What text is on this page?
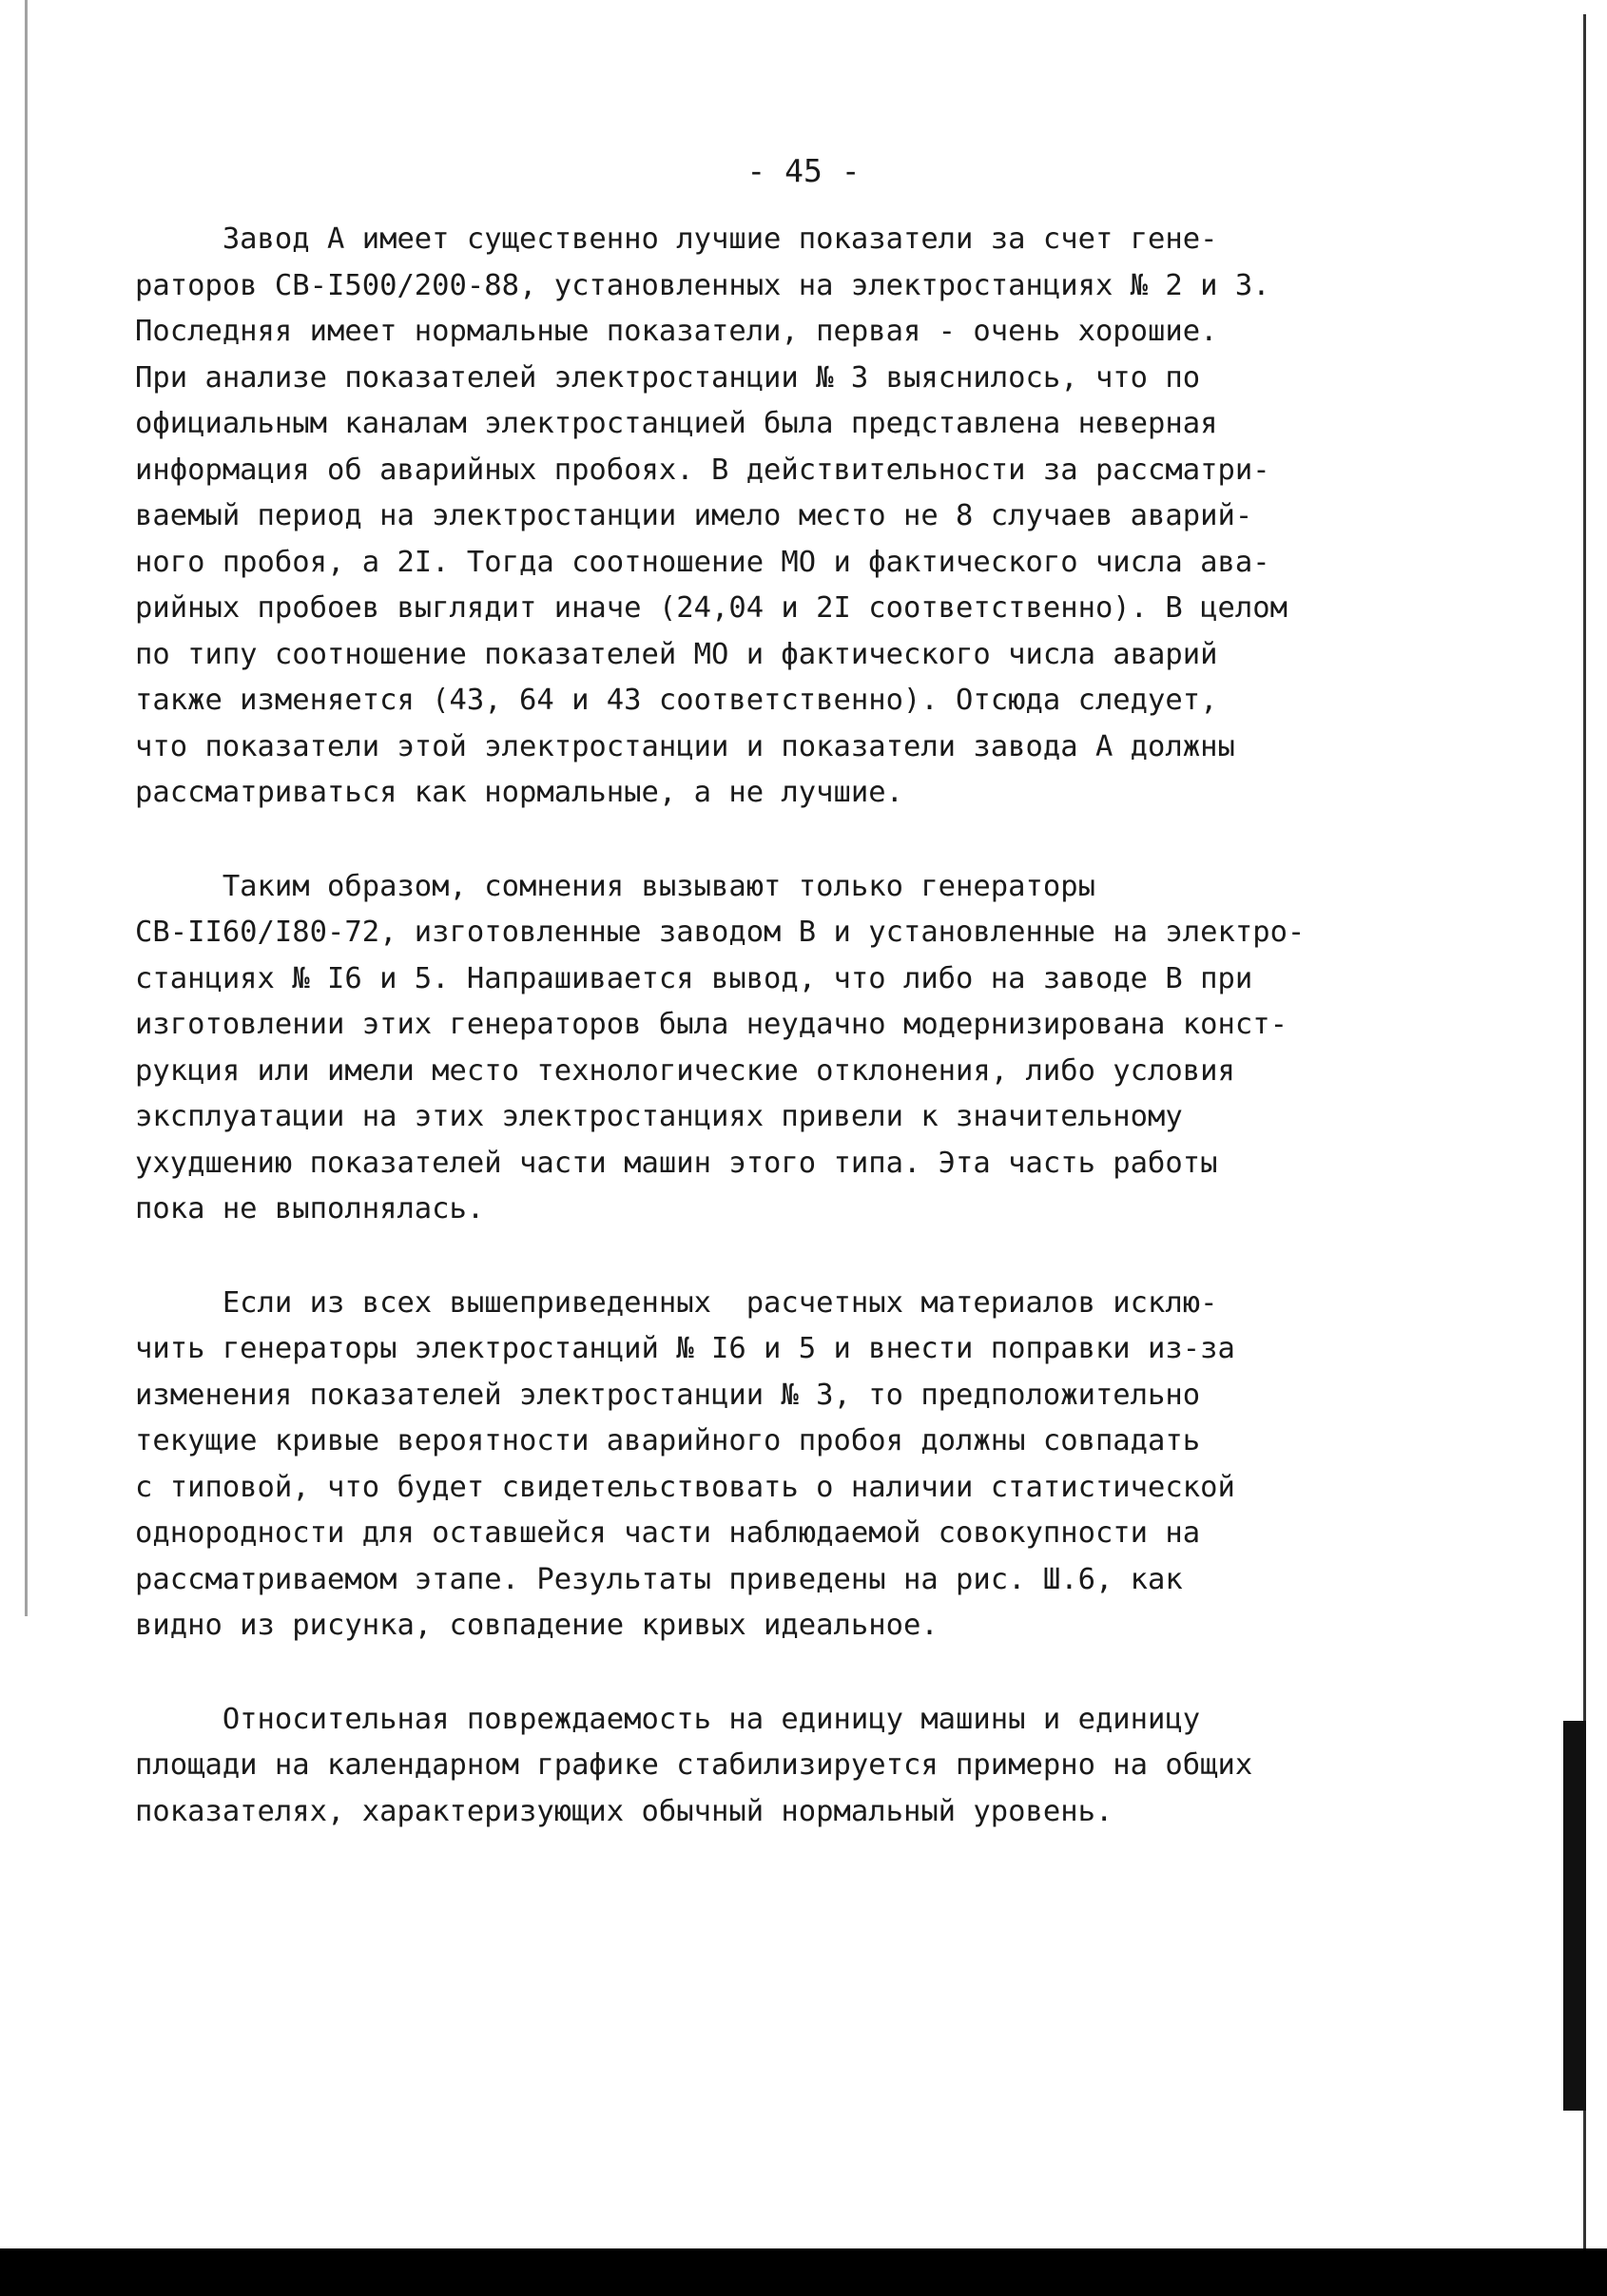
- 45 -

Завод А имеет существенно лучшие показатели за счет гене-

раторов СВ-I500/200-88, установленных на электростанциях № 2 и 3.

Последняя имеет нормальные показатели, первая - очень хорошие.

При анализе показателей электростанции № 3 выяснилось, что по

официальным каналам электростанцией была представлена неверная

информация об аварийных пробоях. В действительности за рассматри-

ваемый период на электростанции имело место не 8 случаев аварий-

ного пробоя, а 2I. Тогда соотношение МО и фактического числа ава-

рийных пробоев выглядит иначе (24,04 и 2I соответственно). В целом

по типу соотношение показателей МО и фактического числа аварий

также изменяется (43, 64 и 43 соответственно). Отсюда следует,

что показатели этой электростанции и показатели завода А должны

рассматриваться как нормальные, а не лучшие.

Таким образом, сомнения вызывают только генераторы

СВ-II60/I80-72, изготовленные заводом В и установленные на электро-

станциях № I6 и 5. Напрашивается вывод, что либо на заводе В при

изготовлении этих генераторов была неудачно модернизирована конст-

рукция или имели место технологические отклонения, либо условия

эксплуатации на этих электростанциях привели к значительному

ухудшению показателей части машин этого типа. Эта часть работы

пока не выполнялась.

Если из всех вышеприведенных  расчетных материалов исклю-

чить генераторы электростанций № I6 и 5 и внести поправки из-за

изменения показателей электростанции № 3, то предположительно

текущие кривые вероятности аварийного пробоя должны совпадать

с типовой, что будет свидетельствовать о наличии статистической

однородности для оставшейся части наблюдаемой совокупности на

рассматриваемом этапе. Результаты приведены на рис. Ш.6, как

видно из рисунка, совпадение кривых идеальное.

Относительная повреждаемость на единицу машины и единицу

площади на календарном графике стабилизируется примерно на общих

показателях, характеризующих обычный нормальный уровень.
